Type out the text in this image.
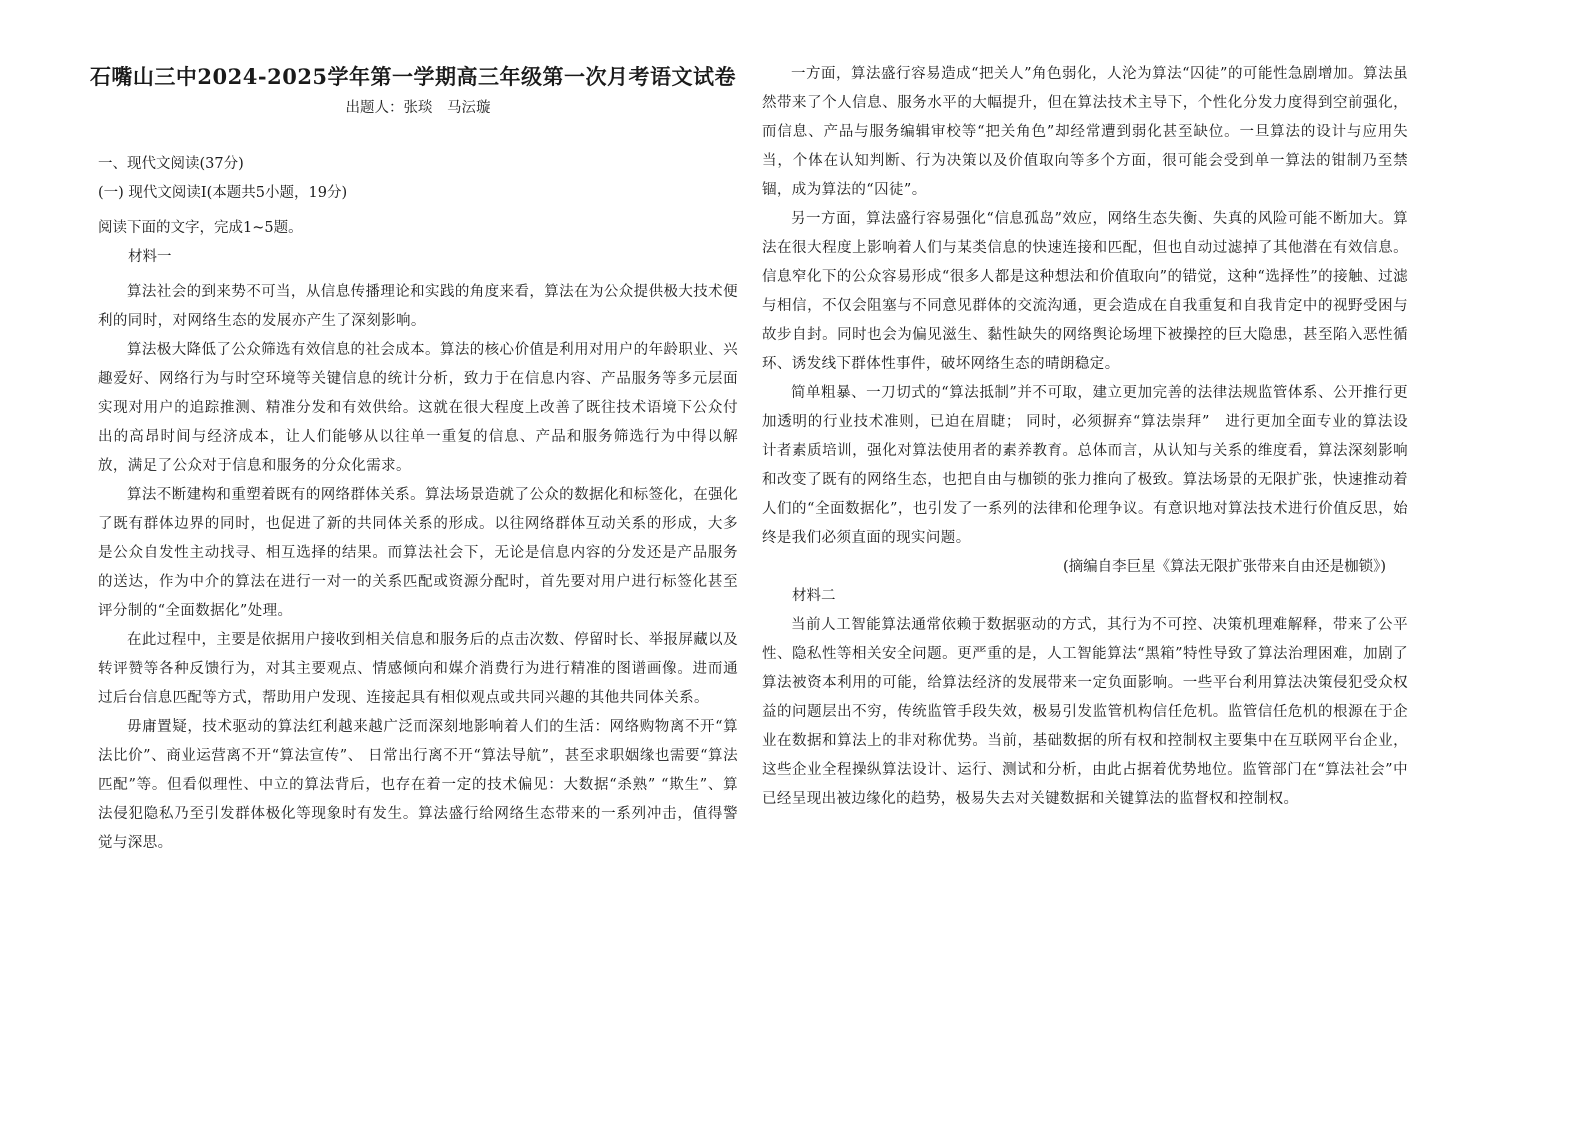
石嘴山三中2024-2025学年第一学期高三年级第一次月考语文试卷

出题人：张琰　马沄璇

一、现代文阅读(37分)

(一) 现代文阅读Ⅰ(本题共5小题，19分)

阅读下面的文字，完成1~5题。

材料一

算法社会的到来势不可当，从信息传播理论和实践的角度来看，算法在为公众提供极大技术便利的同时，对网络生态的发展亦产生了深刻影响。

算法极大降低了公众筛选有效信息的社会成本。算法的核心价值是利用对用户的年龄职业、兴趣爱好、网络行为与时空环境等关键信息的统计分析，致力于在信息内容、产品服务等多元层面实现对用户的追踪推测、精准分发和有效供给。这就在很大程度上改善了既往技术语境下公众付出的高昂时间与经济成本，让人们能够从以往单一重复的信息、产品和服务筛选行为中得以解放，满足了公众对于信息和服务的分众化需求。

算法不断建构和重塑着既有的网络群体关系。算法场景造就了公众的数据化和标签化，在强化了既有群体边界的同时，也促进了新的共同体关系的形成。以往网络群体互动关系的形成，大多是公众自发性主动找寻、相互选择的结果。而算法社会下，无论是信息内容的分发还是产品服务的送达，作为中介的算法在进行一对一的关系匹配或资源分配时，首先要对用户进行标签化甚至评分制的“全面数据化”处理。

在此过程中，主要是依据用户接收到相关信息和服务后的点击次数、停留时长、举报屏藏以及转评赞等各种反馈行为，对其主要观点、情感倾向和媒介消费行为进行精准的图谱画像。进而通过后台信息匹配等方式，帮助用户发现、连接起具有相似观点或共同兴趣的其他共同体关系。

毋庸置疑，技术驱动的算法红利越来越广泛而深刻地影响着人们的生活：网络购物离不开“算法比价”、商业运营离不开“算法宣传”、 日常出行离不开“算法导航”，甚至求职姻缘也需要“算法匹配”等。但看似理性、中立的算法背后，也存在着一定的技术偏见：大数据“杀熟” “欺生”、算法侵犯隐私乃至引发群体极化等现象时有发生。算法盛行给网络生态带来的一系列冲击，值得警觉与深思。

一方面，算法盛行容易造成“把关人”角色弱化，人沦为算法“囚徒”的可能性急剧增加。算法虽然带来了个人信息、服务水平的大幅提升，但在算法技术主导下，个性化分发力度得到空前强化，而信息、产品与服务编辑审校等“把关角色”却经常遭到弱化甚至缺位。一旦算法的设计与应用失当，个体在认知判断、行为决策以及价值取向等多个方面，很可能会受到单一算法的钳制乃至禁锢，成为算法的“囚徒”。

另一方面，算法盛行容易强化“信息孤岛”效应，网络生态失衡、失真的风险可能不断加大。算法在很大程度上影响着人们与某类信息的快速连接和匹配，但也自动过滤掉了其他潜在有效信息。信息窄化下的公众容易形成“很多人都是这种想法和价值取向”的错觉，这种“选择性”的接触、过滤与相信，不仅会阻塞与不同意见群体的交流沟通，更会造成在自我重复和自我肯定中的视野受困与故步自封。同时也会为偏见滋生、黏性缺失的网络舆论场埋下被操控的巨大隐患，甚至陷入恶性循环、诱发线下群体性事件，破坏网络生态的晴朗稳定。

简单粗暴、一刀切式的“算法抵制”并不可取，建立更加完善的法律法规监管体系、公开推行更加透明的行业技术准则，已迫在眉睫； 同时，必须摒弃“算法崇拜”　进行更加全面专业的算法设计者素质培训，强化对算法使用者的素养教育。总体而言，从认知与关系的维度看，算法深刻影响和改变了既有的网络生态，也把自由与枷锁的张力推向了极致。算法场景的无限扩张，快速推动着人们的“全面数据化”，也引发了一系列的法律和伦理争议。有意识地对算法技术进行价值反思，始终是我们必须直面的现实问题。

(摘编自李巨星《算法无限扩张带来自由还是枷锁》)

材料二

当前人工智能算法通常依赖于数据驱动的方式，其行为不可控、决策机理难解释，带来了公平性、隐私性等相关安全问题。更严重的是，人工智能算法“黑箱”特性导致了算法治理困难，加剧了算法被资本利用的可能，给算法经济的发展带来一定负面影响。一些平台利用算法决策侵犯受众权益的问题层出不穷，传统监管手段失效，极易引发监管机构信任危机。监管信任危机的根源在于企业在数据和算法上的非对称优势。当前，基础数据的所有权和控制权主要集中在互联网平台企业，这些企业全程操纵算法设计、运行、测试和分析，由此占据着优势地位。监管部门在“算法社会”中已经呈现出被边缘化的趋势，极易失去对关键数据和关键算法的监督权和控制权。
